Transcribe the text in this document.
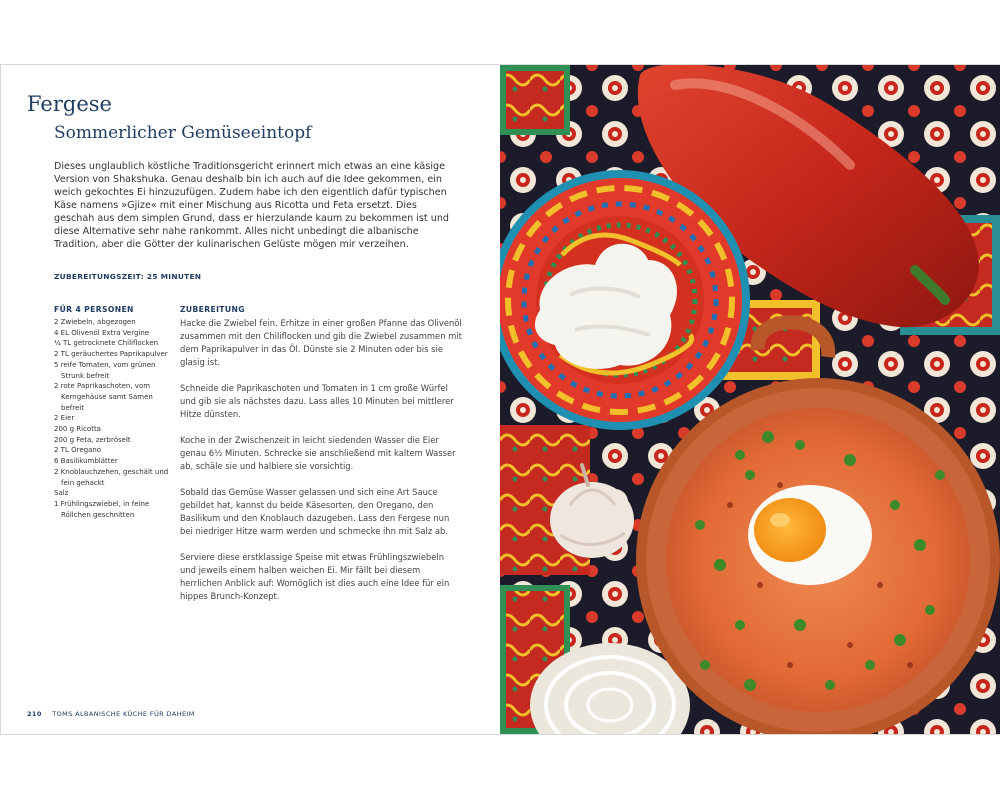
Fergese
Sommerlicher Gemüseeintopf

Dieses unglaublich köstliche Traditionsgericht erinnert mich etwas an eine käsige Version von Shakshuka. Genau deshalb bin ich auch auf die Idee gekommen, ein weich gekochtes Ei hinzuzufügen. Zudem habe ich den eigentlich dafür typischen Käse namens »Gjize« mit einer Mischung aus Ricotta und Feta ersetzt. Dies geschah aus dem simplen Grund, dass er hierzulande kaum zu bekommen ist und diese Alternative sehr nahe rankommt. Alles nicht unbedingt die albanische Tradition, aber die Götter der kulinarischen Gelüste mögen mir verzeihen.

ZUBEREITUNGSZEIT: 25 MINUTEN
FÜR 4 PERSONEN
2 Zwiebeln, abgezogen
4 EL Olivenöl Extra Vergine
¼ TL getrocknete Chiliflocken
2 TL geräuchertes Paprikapulver
5 reife Tomaten, vom grünen Strunk befreit
2 rote Paprikaschoten, vom Kerngehäuse samt Samen befreit
2 Eier
200 g Ricotta
200 g Feta, zerbröselt
2 TL Oregano
6 Basilikumblätter
2 Knoblauchzehen, geschält und fein gehackt
Salz
1 Frühlingszwiebel, in feine Röllchen geschnitten
ZUBEREITUNG

Hacke die Zwiebel fein. Erhitze in einer großen Pfanne das Olivenöl zusammen mit den Chiliflocken und gib die Zwiebel zusammen mit dem Paprikapulver in das Öl. Dünste sie 2 Minuten oder bis sie glasig ist.

Schneide die Paprikaschoten und Tomaten in 1 cm große Würfel und gib sie als nächstes dazu. Lass alles 10 Minuten bei mittlerer Hitze dünsten.

Koche in der Zwischenzeit in leicht siedenden Wasser die Eier genau 6½ Minuten. Schrecke sie anschließend mit kaltem Wasser ab, schäle sie und halbiere sie vorsichtig.

Sobald das Gemüse Wasser gelassen und sich eine Art Sauce gebildet hat, kannst du beide Käsesorten, den Oregano, den Basilikum und den Knoblauch dazugeben. Lass den Fergese nun bei niedriger Hitze warm werden und schmecke ihn mit Salz ab.

Serviere diese erstklassige Speise mit etwas Frühlingszwiebeln und jeweils einem halben weichen Ei. Mir fällt bei diesem herrlichen Anblick auf: Womöglich ist dies auch eine Idee für ein hippes Brunch-Konzept.

210 TOMS ALBANISCHE KÜCHE FÜR DAHEIM
